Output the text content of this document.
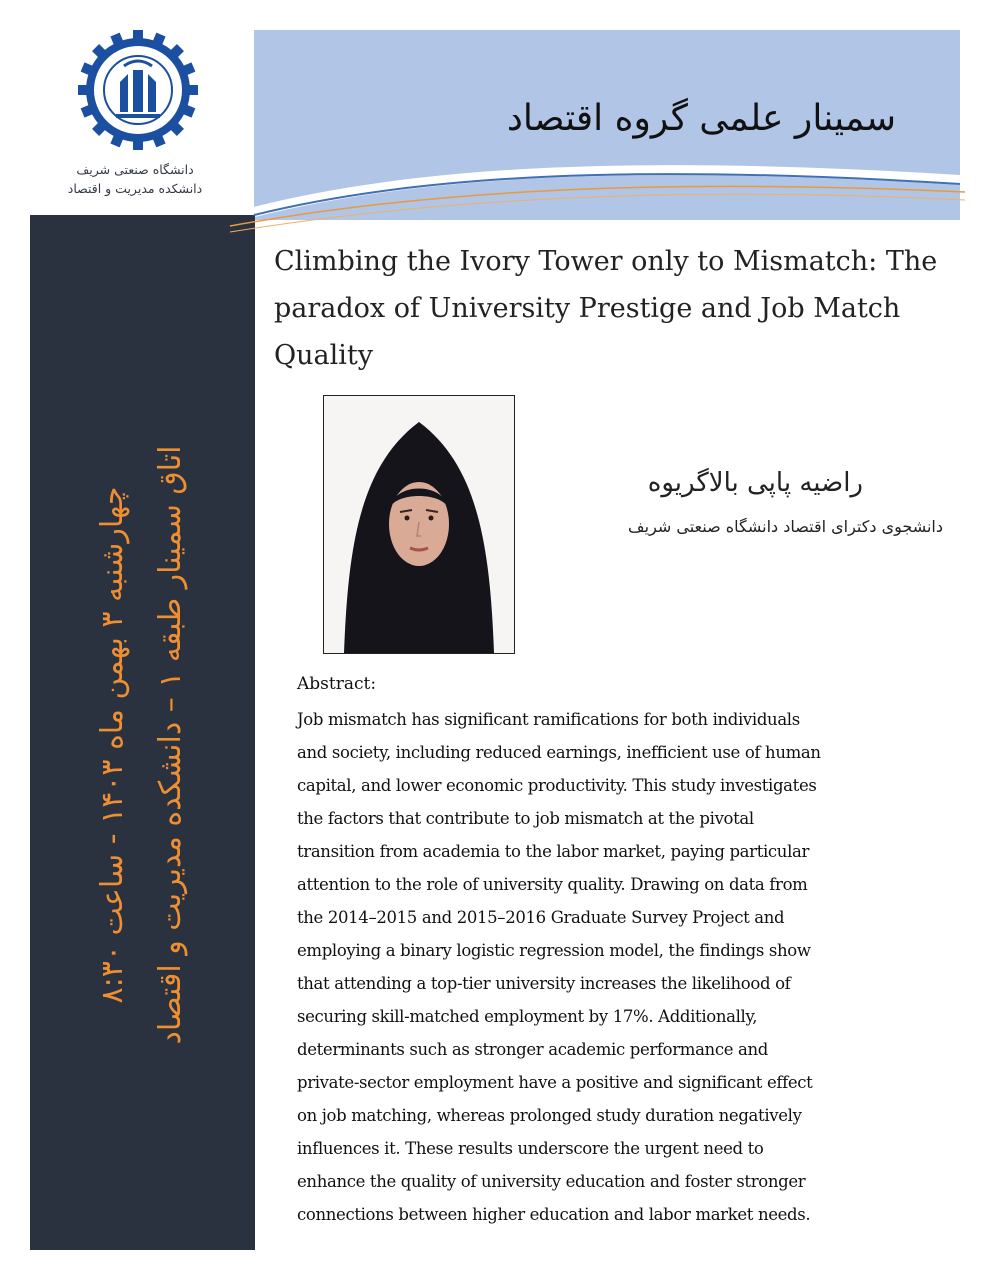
دانشگاه صنعتی شریف
دانشکده مدیریت و اقتصاد
سمینار علمی گروه اقتصاد
چهارشنبه ۳ بهمن ماه ۱۴۰۳ - ساعت ۸:۳۰
اتاق سمینار طبقه ۱ – دانشکده مدیریت و اقتصاد
Climbing the Ivory Tower only to Mismatch: The paradox of University Prestige and Job Match Quality
راضیه پاپی بالاگریوه
دانشجوی دکترای اقتصاد دانشگاه صنعتی شریف
Abstract:
Job mismatch has significant ramifications for both individuals
and society, including reduced earnings, inefficient use of human
capital, and lower economic productivity. This study investigates
the factors that contribute to job mismatch at the pivotal
transition from academia to the labor market, paying particular
attention to the role of university quality. Drawing on data from
the 2014–2015 and 2015–2016 Graduate Survey Project and
employing a binary logistic regression model, the findings show
that attending a top-tier university increases the likelihood of
securing skill-matched employment by 17%. Additionally,
determinants such as stronger academic performance and
private-sector employment have a positive and significant effect
on job matching, whereas prolonged study duration negatively
influences it. These results underscore the urgent need to
enhance the quality of university education and foster stronger
connections between higher education and labor market needs.
